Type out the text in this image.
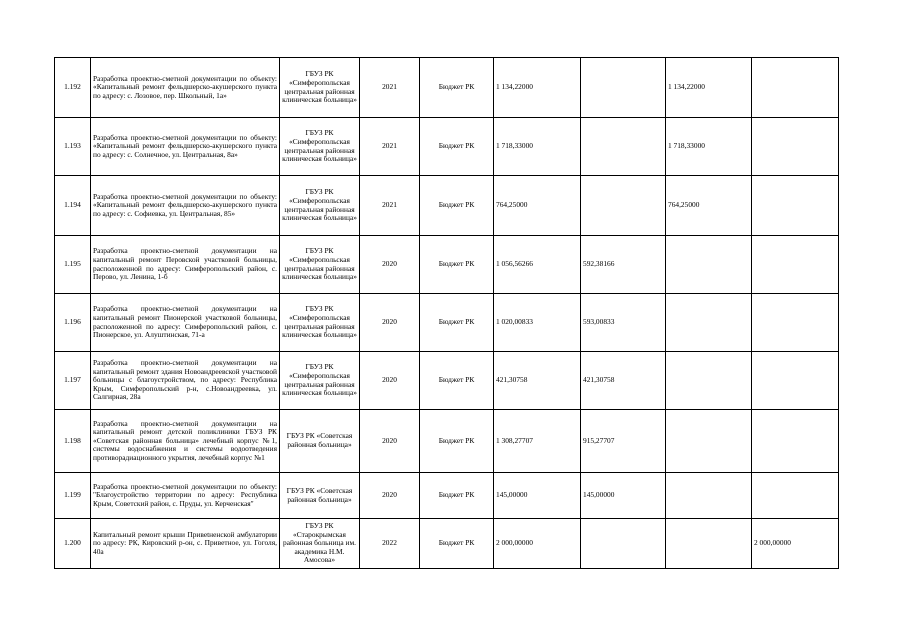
1.192	Разработка проектно-сметной документации по объекту: «Капитальный ремонт фельдшерско-акушерского пункта по адресу: с. Лозовое, пер. Школьный, 1а»	ГБУЗ РК «Симферопольская центральная районная клиническая больница»	2021	Бюджет РК	1 134,22000		1 134,22000	
1.193	Разработка проектно-сметной документации по объекту: «Капитальный ремонт фельдшерско-акушерского пункта по адресу: с. Солнечное, ул. Центральная, 8а»	ГБУЗ РК «Симферопольская центральная районная клиническая больница»	2021	Бюджет РК	1 718,33000		1 718,33000	
1.194	Разработка проектно-сметной документации по объекту: «Капитальный ремонт фельдшерско-акушерского пункта по адресу: с. Софиевка, ул. Центральная, 85»	ГБУЗ РК «Симферопольская центральная районная клиническая больница»	2021	Бюджет РК	764,25000		764,25000	
1.195	Разработка проектно-сметной документации на капитальный ремонт Перовской участковой больницы, расположенной по адресу: Симферопольский район, с. Перово, ул. Ленина, 1-б	ГБУЗ РК «Симферопольская центральная районная клиническая больница»	2020	Бюджет РК	1 056,56266	592,38166		
1.196	Разработка проектно-сметной документации на капитальный ремонт Пионерской участковой больницы, расположенной по адресу: Симферопольский район, с. Пионерское, ул. Алуштинская, 71-а	ГБУЗ РК «Симферопольская центральная районная клиническая больница»	2020	Бюджет РК	1 020,00833	593,00833		
1.197	Разработка проектно-сметной документации на капитальный ремонт здания Новоандреевской участковой больницы с благоустройством, по адресу: Республика Крым, Симферопольский р-н, с.Новоандреевка, ул. Салгирная, 28а	ГБУЗ РК «Симферопольская центральная районная клиническая больница»	2020	Бюджет РК	421,30758	421,30758		
1.198	Разработка проектно-сметной документации на капитальный ремонт детской поликлиники ГБУЗ РК «Советская районная больница» лечебный корпус №1, системы водоснабжения и системы водоотведения противорадиационного укрытия, лечебный корпус №1	ГБУЗ РК «Советская районная больница»	2020	Бюджет РК	1 308,27707	915,27707		
1.199	Разработка проектно-сметной документации по объекту: "Благоустройство территории по адресу: Республика Крым, Советский район, с. Пруды, ул. Керченская"	ГБУЗ РК «Советская районная больница»	2020	Бюджет РК	145,00000	145,00000		
1.200	Капитальный ремонт крыши Привetненской амбулатории по адресу: РК, Кировский р-он, с. Приветное, ул. Гоголя, 40а	ГБУЗ РК «Старокрымская районная больница им. академика Н.М. Амосова»	2022	Бюджет РК	2 000,00000			2 000,00000
